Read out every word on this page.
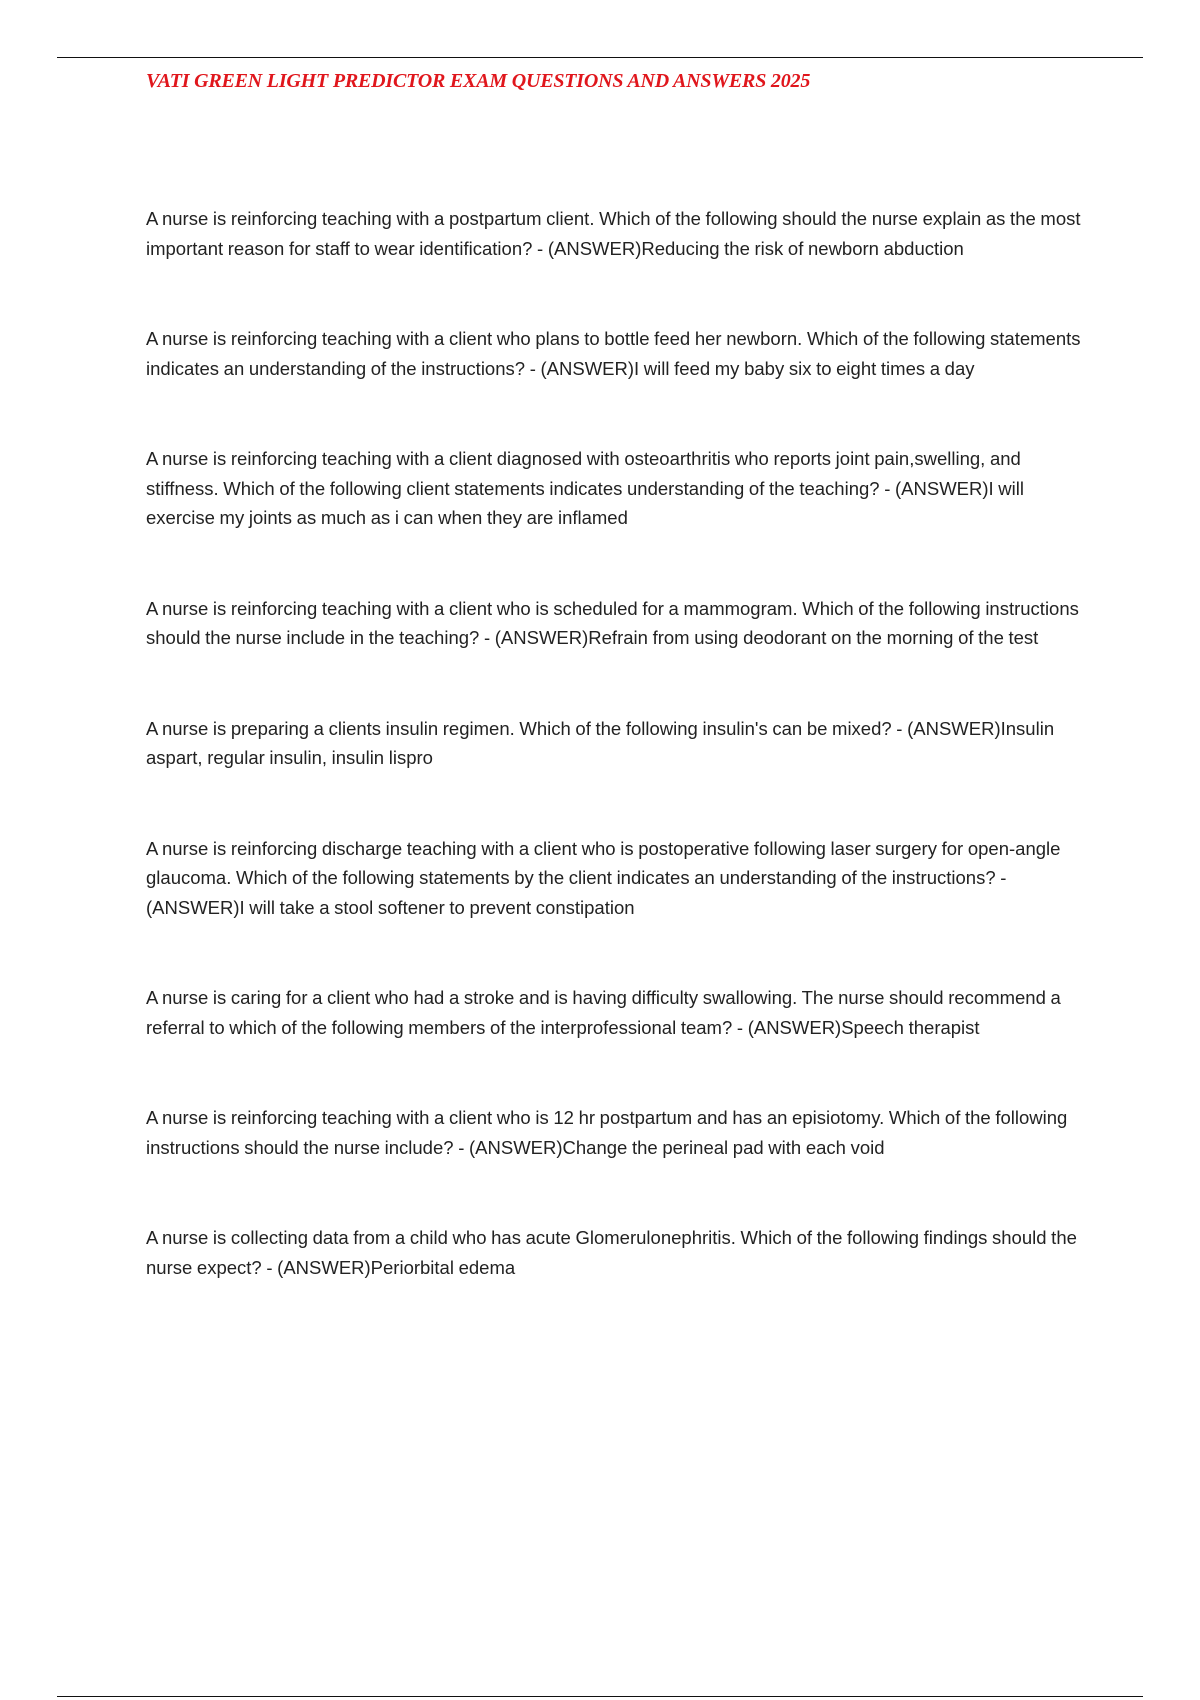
VATI GREEN LIGHT PREDICTOR EXAM QUESTIONS AND ANSWERS 2025
A nurse is reinforcing teaching with a postpartum client. Which of the following should the nurse explain as the most important reason for staff to wear identification? - (ANSWER)Reducing the risk of newborn abduction
A nurse is reinforcing teaching with a client who plans to bottle feed her newborn. Which of the following statements indicates an understanding of the instructions? - (ANSWER)I will feed my baby six to eight times a day
A nurse is reinforcing teaching with a client diagnosed with osteoarthritis who reports joint pain,swelling, and stiffness. Which of the following client statements indicates understanding of the teaching? - (ANSWER)I will exercise my joints as much as i can when they are inflamed
A nurse is reinforcing teaching with a client who is scheduled for a mammogram. Which of the following instructions should the nurse include in the teaching? - (ANSWER)Refrain from using deodorant on the morning of the test
A nurse is preparing a clients insulin regimen. Which of the following insulin's can be mixed? - (ANSWER)Insulin aspart, regular insulin, insulin lispro
A nurse is reinforcing discharge teaching with a client who is postoperative following laser surgery for open-angle glaucoma. Which of the following statements by the client indicates an understanding of the instructions? - (ANSWER)I will take a stool softener to prevent constipation
A nurse is caring for a client who had a stroke and is having difficulty swallowing. The nurse should recommend a referral to which of the following members of the interprofessional team? - (ANSWER)Speech therapist
A nurse is reinforcing teaching with a client who is 12 hr postpartum and has an episiotomy. Which of the following instructions should the nurse include? - (ANSWER)Change the perineal pad with each void
A nurse is collecting data from a child who has acute Glomerulonephritis. Which of the following findings should the nurse expect? - (ANSWER)Periorbital edema
